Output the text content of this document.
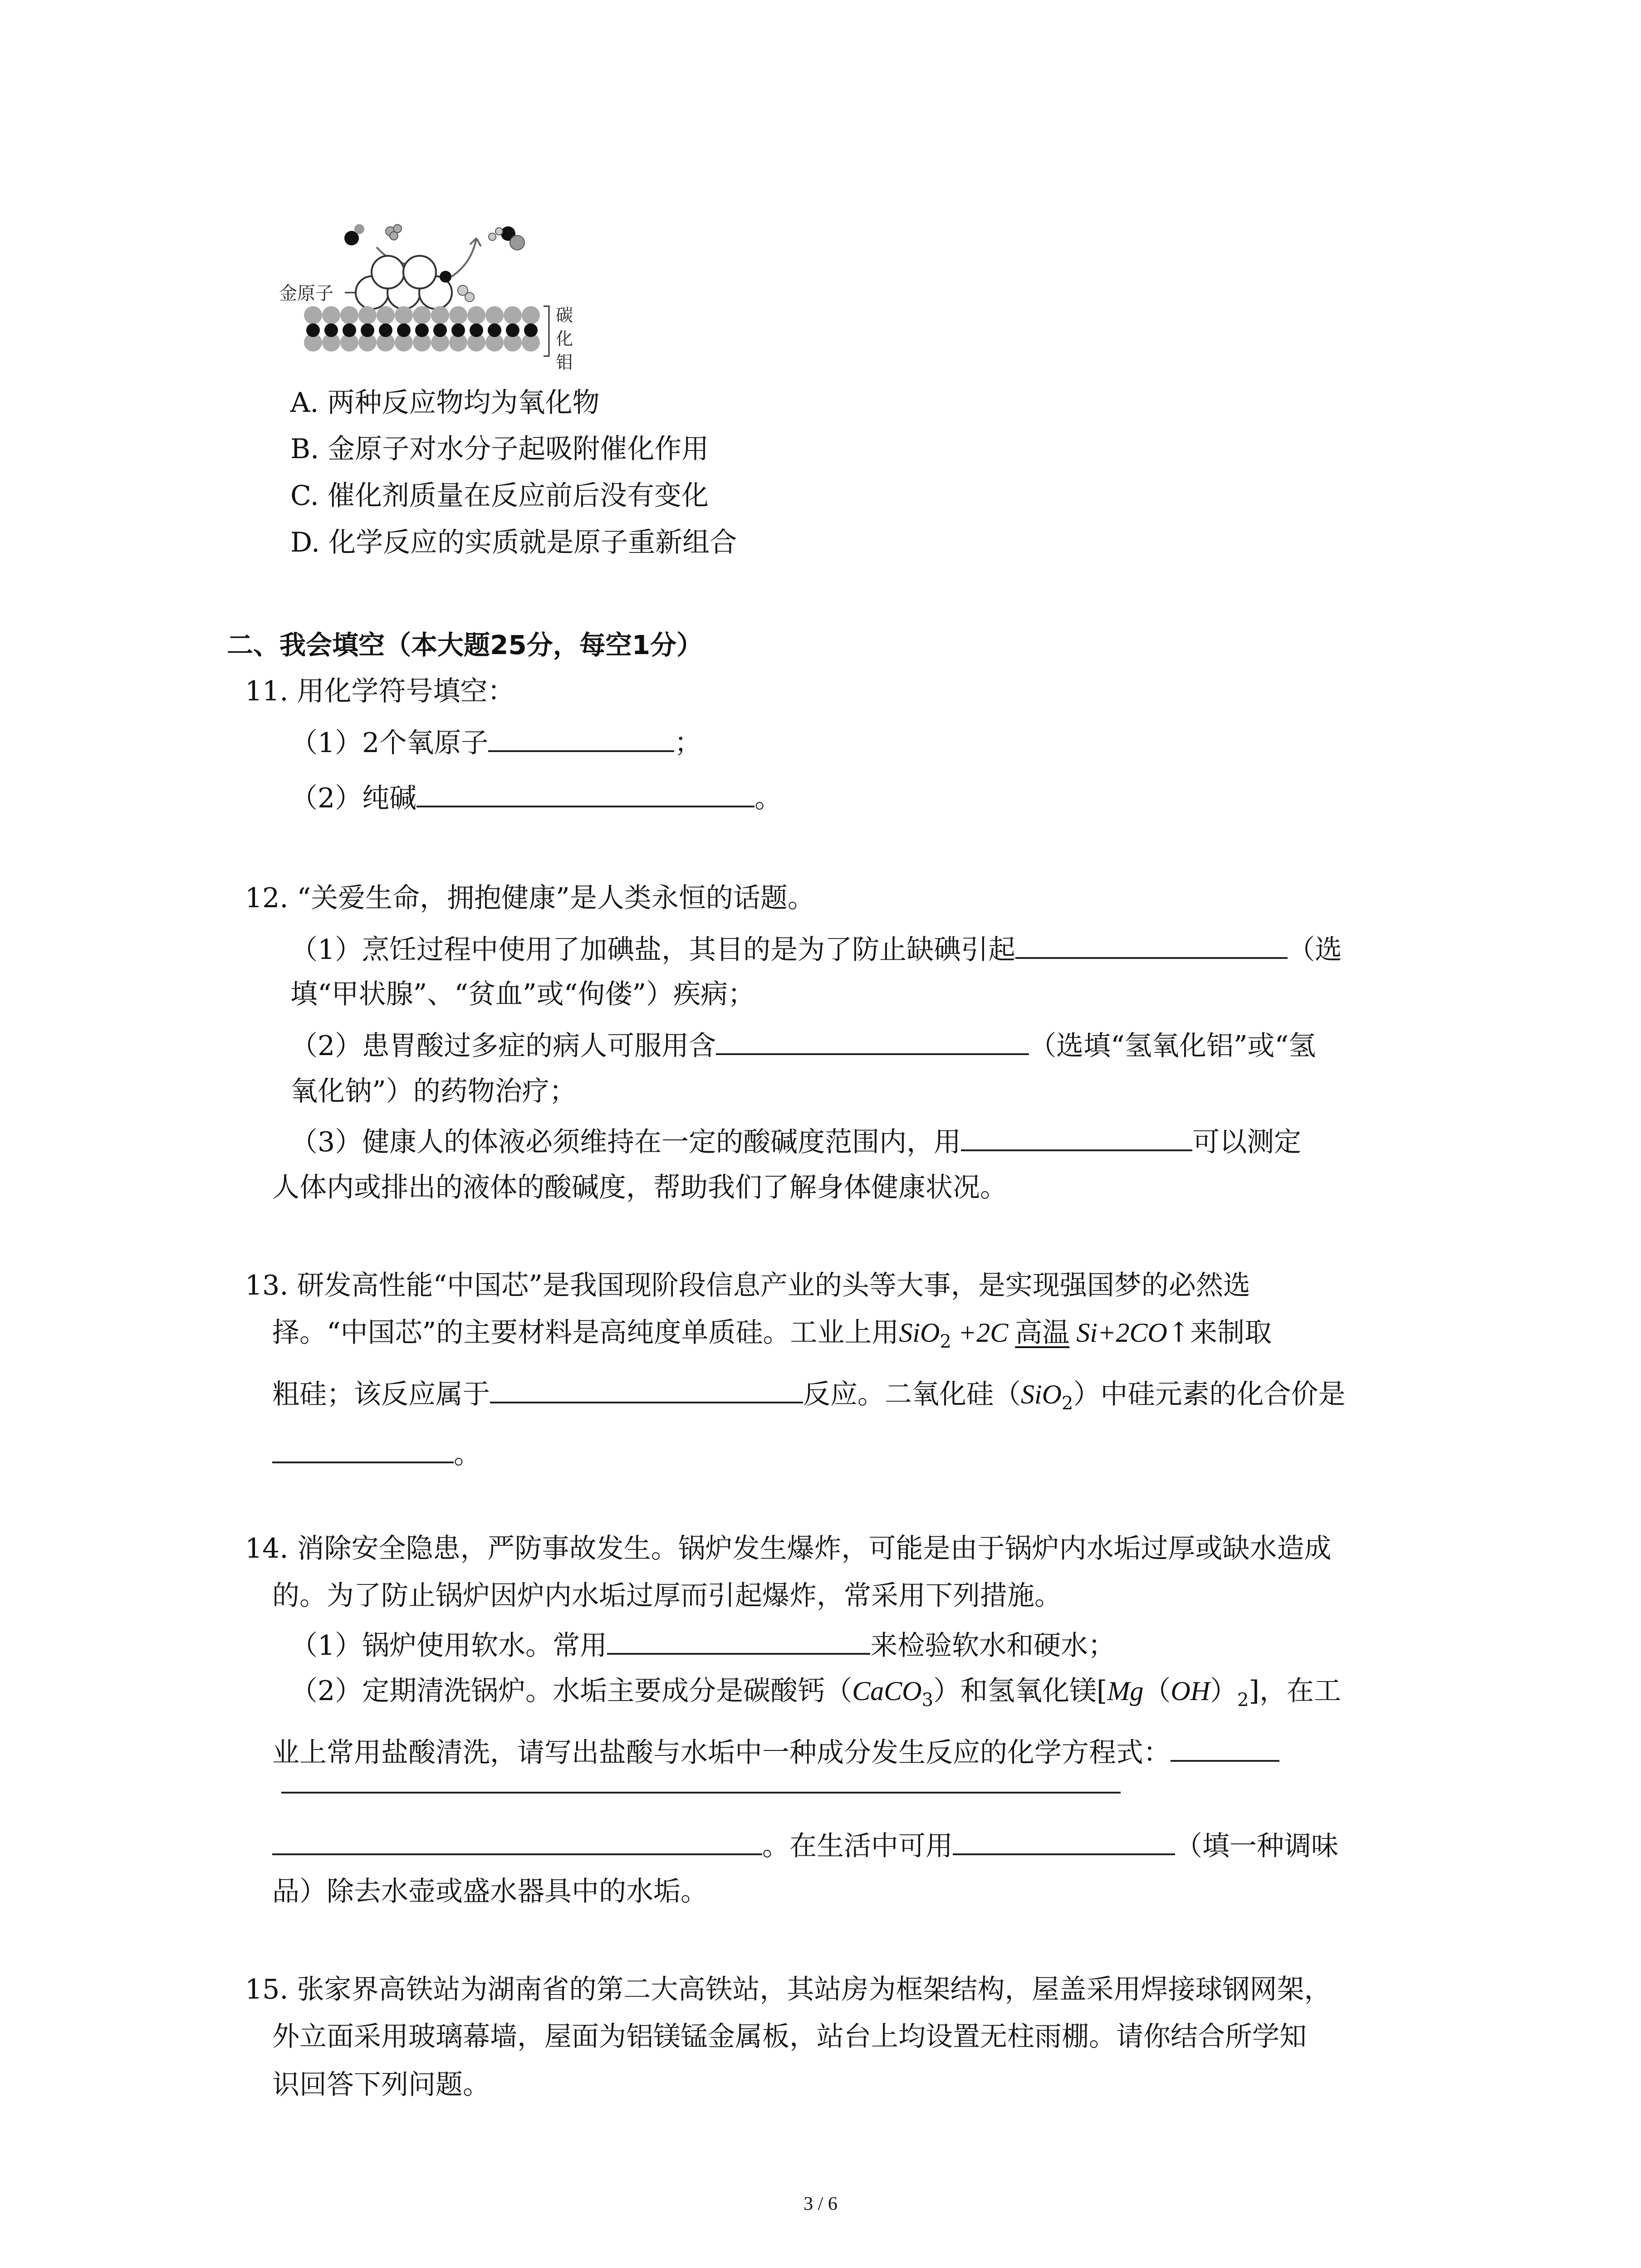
金原子
碳
化
钼
A. 两种反应物均为氧化物
B. 金原子对水分子起吸附催化作用
C. 催化剂质量在反应前后没有变化
D. 化学反应的实质就是原子重新组合
二、我会填空（本大题25分，每空1分）
11. 用化学符号填空：
（1）2个氧原子	；
（2）纯碱	。
12. “关爱生命，拥抱健康”是人类永恒的话题。
（1）烹饪过程中使用了加碘盐，其目的是为了防止缺碘引起	（选
填“甲状腺”、“贫血”或“佝偻”）疾病；
（2）患胃酸过多症的病人可服用含	（选填“氢氧化铝”或“氢
氧化钠”）的药物治疗；
（3）健康人的体液必须维持在一定的酸碱度范围内，用	可以测定
人体内或排出的液体的酸碱度，帮助我们了解身体健康状况。
13. 研发高性能“中国芯”是我国现阶段信息产业的头等大事，是实现强国梦的必然选
择。“中国芯”的主要材料是高纯度单质硅。工业上用SiO$_2$ +2C 高温 Si+2CO↑来制取
粗硅；该反应属于	反应。二氧化硅（SiO$_2$）中硅元素的化合价是
。
14. 消除安全隐患，严防事故发生。锅炉发生爆炸，可能是由于锅炉内水垢过厚或缺水造成
的。为了防止锅炉因炉内水垢过厚而引起爆炸，常采用下列措施。
（1）锅炉使用软水。常用	来检验软水和硬水；
（2）定期清洗锅炉。水垢主要成分是碳酸钙（CaCO$_3$）和氢氧化镁$[Mg(OH)_2]$，在工
业上常用盐酸清洗，请写出盐酸与水垢中一种成分发生反应的化学方程式：
。在生活中可用	（填一种调味
品）除去水壶或盛水器具中的水垢。
15. 张家界高铁站为湖南省的第二大高铁站，其站房为框架结构，屋盖采用焊接球钢网架，
外立面采用玻璃幕墙，屋面为铝镁锰金属板，站台上均设置无柱雨棚。请你结合所学知
识回答下列问题。
3 / 6
